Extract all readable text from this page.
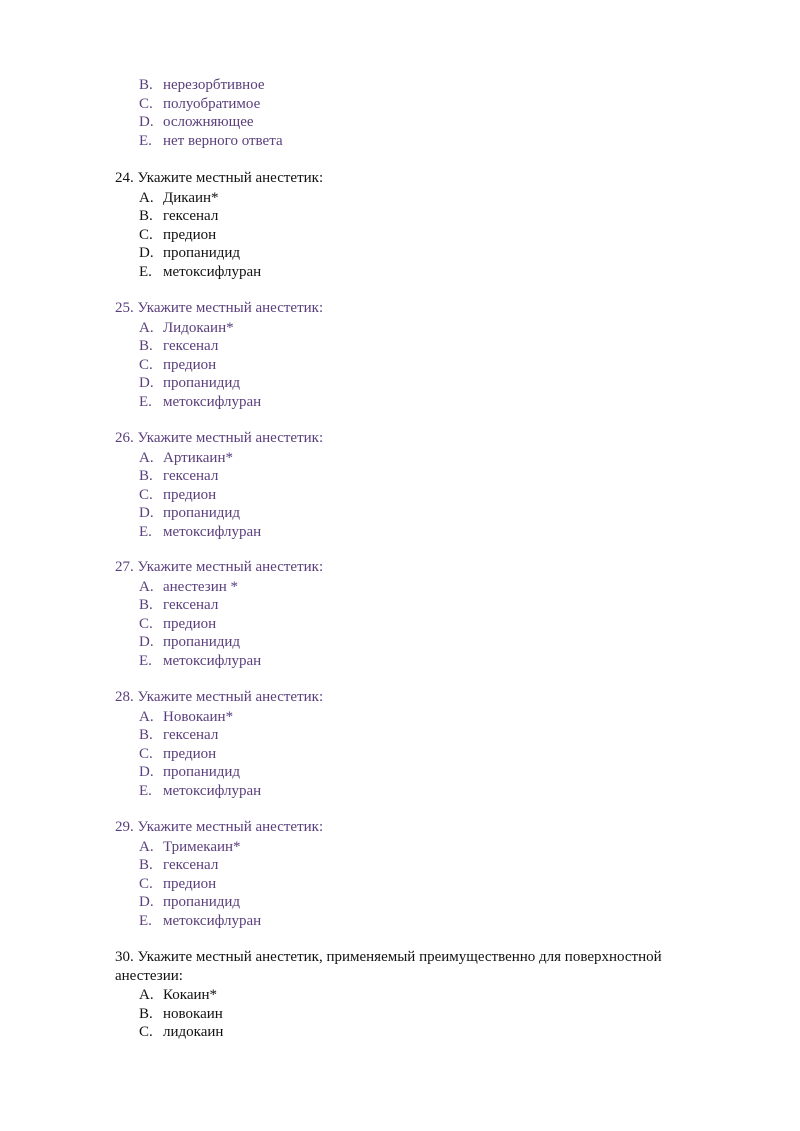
B. нерезорбтивное
C. полуобратимое
D. осложняющее
E. нет верного ответа
24. Укажите местный анестетик:
A. Дикаин*
B. гексенал
C. предион
D. пропанидид
E. метоксифлуран
25. Укажите местный анестетик:
A. Лидокаин*
B. гексенал
C. предион
D. пропанидид
E. метоксифлуран
26. Укажите местный анестетик:
A. Артикаин*
B. гексенал
C. предион
D. пропанидид
E. метоксифлуран
27. Укажите местный анестетик:
A. анестезин *
B. гексенал
C. предион
D. пропанидид
E. метоксифлуран
28. Укажите местный анестетик:
A. Новокаин*
B. гексенал
C. предион
D. пропанидид
E. метоксифлуран
29. Укажите местный анестетик:
A. Тримекаин*
B. гексенал
C. предион
D. пропанидид
E. метоксифлуран
30. Укажите местный анестетик, применяемый преимущественно для поверхностной анестезии:
A. Кокаин*
B. новокаин
C. лидокаин
